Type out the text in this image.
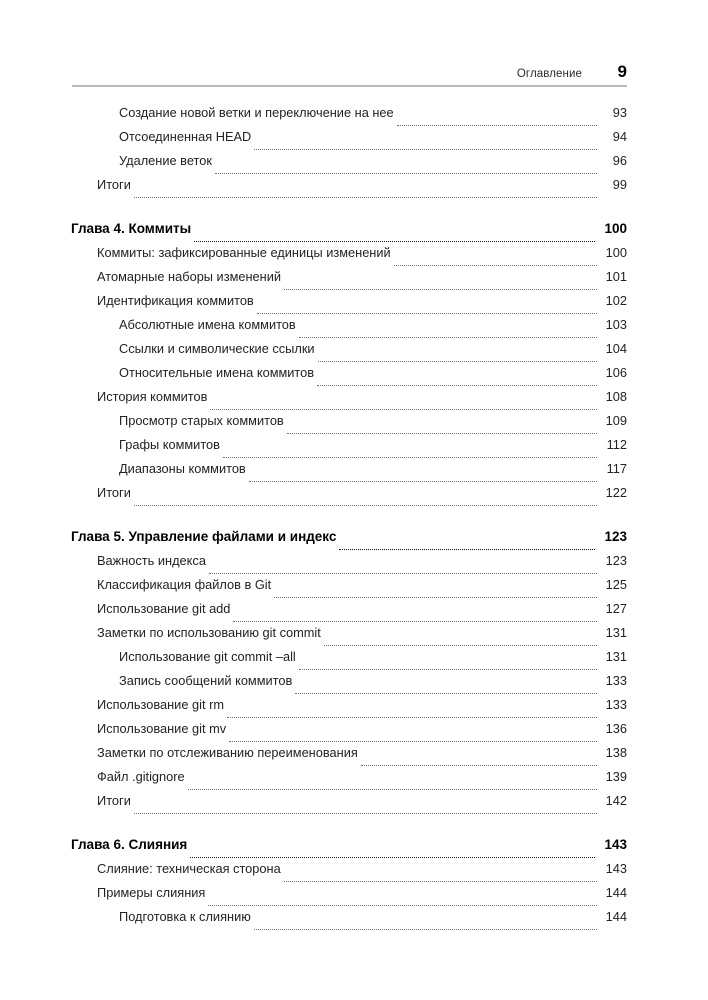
Оглавление	9
Создание новой ветки и переключение на нее	93
Отсоединенная HEAD	94
Удаление веток	96
Итоги	99
Глава 4. Коммиты	100
Коммиты: зафиксированные единицы изменений	100
Атомарные наборы изменений	101
Идентификация коммитов	102
Абсолютные имена коммитов	103
Ссылки и символические ссылки	104
Относительные имена коммитов	106
История коммитов	108
Просмотр старых коммитов	109
Графы коммитов	112
Диапазоны коммитов	117
Итоги	122
Глава 5. Управление файлами и индекс	123
Важность индекса	123
Классификация файлов в Git	125
Использование git add	127
Заметки по использованию git commit	131
Использование git commit –all	131
Запись сообщений коммитов	133
Использование git rm	133
Использование git mv	136
Заметки по отслеживанию переименования	138
Файл .gitignore	139
Итоги	142
Глава 6. Слияния	143
Слияние: техническая сторона	143
Примеры слияния	144
Подготовка к слиянию	144
